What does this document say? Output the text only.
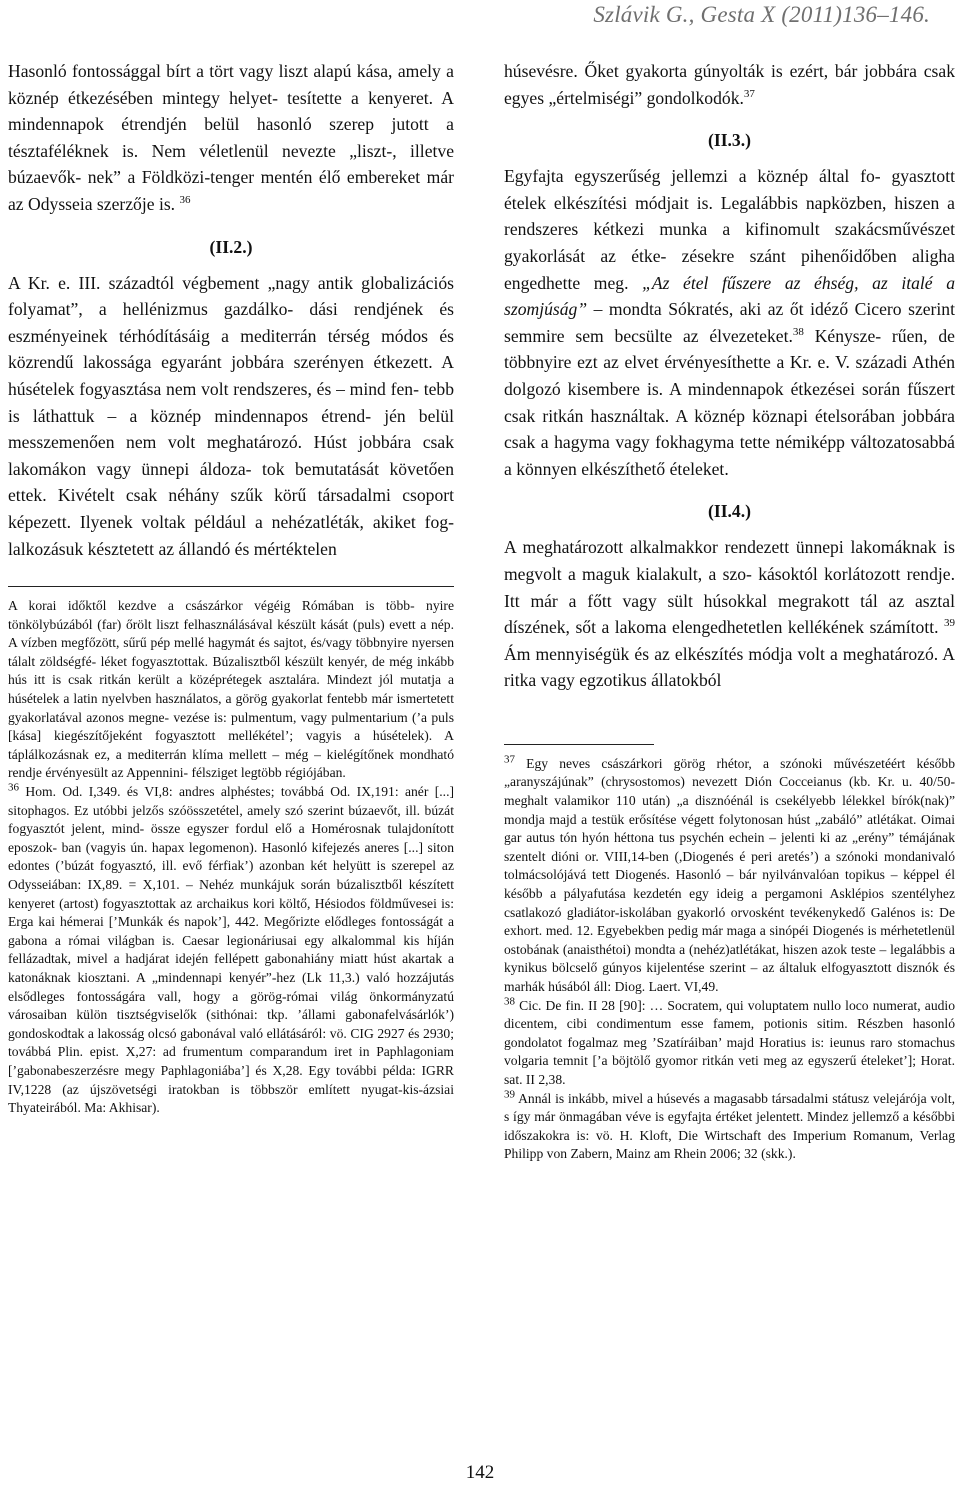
Szlávik G., Gesta X (2011)136–146.

Hasonló fontossággal bírt a tört vagy liszt alapú kása, amely a köznép étkezésében mintegy helyet- tesítette a kenyeret. A mindennapok étrendjén belül hasonló szerep jutott a tésztaféléknek is. Nem véletlenül nevezte „liszt-, illetve búzaevők- nek” a Földközi-tenger mentén élő embereket már az Odysseia szerzője is. $^{36}$

(II.2.)

A Kr. e. III. századtól végbement „nagy antik globalizációs folyamat”, a hellénizmus gazdálko- dási rendjének és eszményeinek térhódításáig a mediterrán térség módos és közrendű lakossága egyaránt jobbára szerényen étkezett. A húsételek fogyasztása nem volt rendszeres, és – mind fen- tebb is láthattuk – a köznép mindennapos étrend- jén belül messzemenően nem volt meghatározó. Húst jobbára csak lakomákon vagy ünnepi áldoza- tok bemutatását követően ettek. Kivételt csak néhány szűk körű társadalmi csoport képezett. Ilyenek voltak például a nehézatléták, akiket fog- lalkozásuk késztetett az állandó és mértéktelen

A korai időktől kezdve a császárkor végéig Rómában is több- nyire tönkölybúzából (far) őrölt liszt felhasználásával készült kását (puls) evett a nép. A vízben megfőzött, sűrű pép mellé hagymát és sajtot, és/vagy többnyire nyersen tálalt zöldségfé- léket fogyasztottak. Búzalisztből készült kenyér, de még inkább hús itt is csak ritkán került a középrétegek asztalára. Mindezt jól mutatja a húsételek a latin nyelvben használatos, a görög gyakorlat fentebb már ismertetett gyakorlatával azonos megne- vezése is: pulmentum, vagy pulmentarium (’a puls [kása] kiegészítőjeként fogyasztott mellékétel’; vagyis a húsételek). A táplálkozásnak ez, a mediterrán klíma mellett – még – kielégítőnek mondható rendje érvényesült az Appennini- félsziget legtöbb régiójában.

$^{36}$ Hom. Od. I,349. és VI,8: andres alphéstes; továbbá Od. IX,191: anér [...] sitophagos. Ez utóbbi jelzős szóösszetétel, amely szó szerint búzaevőt, ill. búzát fogyasztót jelent, mind- össze egyszer fordul elő a Homérosnak tulajdonított eposzok- ban (vagyis ún. hapax legomenon). Hasonló kifejezés aneres [...] siton edontes (’búzát fogyasztó, ill. evő férfiak’) azonban két helyütt is szerepel az Odysseiában: IX,89. = X,101. – Nehéz munkájuk során búzalisztből készített kenyeret (artost) fogyasztottak az archaikus kori költő, Hésiodos földművesei is: Erga kai hémerai [’Munkák és napok’], 442. Megőrizte elődleges fontosságát a gabona a római világban is. Caesar legionáriusai egy alkalommal kis híján fellázadtak, mivel a hadjárat idején fellépett gabonahiány miatt húst akartak a katonáknak kiosztani. A „mindennapi kenyér”-hez (Lk 11,3.) való hozzájutás elsődleges fontosságára vall, hogy a görög-római világ önkormányzatú városaiban külön tisztségviselők (sithónai: tkp. ’állami gabonafelvásárlók’) gondoskodtak a lakosság olcsó gabonával való ellátásáról: vö. CIG 2927 és 2930; továbbá Plin. epist. X,27: ad frumentum comparandum iret in Paphlagoniam [’gabonabeszerzésre megy Paphlagoniába’] és X,28. Egy további példa: IGRR IV,1228 (az újszövetségi iratokban is többször említett nyugat-kis-ázsiai Thyateirából. Ma: Akhisar).

húsevésre. Őket gyakorta gúnyolták is ezért, bár jobbára csak egyes „értelmiségi” gondolkodók.$^{37}$

(II.3.)

Egyfajta egyszerűség jellemzi a köznép által fo- gyasztott ételek elkészítési módjait is. Legalábbis napközben, hiszen a rendszeres kétkezi munka a kifinomult szakácsművészet gyakorlását az étke- zésekre szánt pihenőidőben aligha engedhette meg. „Az étel fűszere az éhség, az italé a szomjúság” – mondta Sókratés, aki az őt idéző Cicero szerint semmire sem becsülte az élvezeteket.$^{38}$ Kénysze- rűen, de többnyire ezt az elvet érvényesíthette a Kr. e. V. századi Athén dolgozó kisembere is. A mindennapok étkezései során fűszert csak ritkán használtak. A köznép köznapi ételsorában jobbára csak a hagyma vagy fokhagyma tette némiképp változatosabbá a könnyen elkészíthető ételeket.

(II.4.)

A meghatározott alkalmakkor rendezett ünnepi lakomáknak is megvolt a maguk kialakult, a szo- kásoktól korlátozott rendje. Itt már a főtt vagy sült húsokkal megrakott tál az asztal díszének, sőt a lakoma elengedhetetlen kellékének számított. $^{39}$ Ám mennyiségük és az elkészítés módja volt a meghatározó. A ritka vagy egzotikus állatokból

$^{37}$ Egy neves császárkori görög rhétor, a szónoki művészetéért később „aranyszájúnak” (chrysostomos) nevezett Dión Cocceianus (kb. Kr. u. 40/50- meghalt valamikor 110 után) „a disznóénál is csekélyebb lélekkel bírók(nak)” mondja majd a testük erősítése végett folytonosan húst „zabáló” atlétákat. Oimai gar autus tón hyón héttona tus psychén echein – jelenti ki az „erény” témájának szentelt dióni or. VIII,14-ben (,Diogenés é peri aretés’) a szónoki mondanivaló tolmácsolójává tett Diogenés. Hasonló – bár nyilvánvalóan topikus – képpel él később a pályafutása kezdetén egy ideig a pergamoni Asklépios szentélyhez csatlakozó gladiátor-iskolában gyakorló orvosként tevékenykedő Galénos is: De exhort. med. 12. Egyebekben pedig már maga a sinópéi Diogenés is mérhetetlenül ostobának (anaisthétoi) mondta a (nehéz)atlétákat, hiszen azok teste – legalábbis a kynikus bölcselő gúnyos kijelentése szerint – az általuk elfogyasztott disznók és marhák húsából áll: Diog. Laert. VI,49.

$^{38}$ Cic. De fin. II 28 [90]: … Socratem, qui voluptatem nullo loco numerat, audio dicentem, cibi condimentum esse famem, potionis sitim. Részben hasonló gondolatot fogalmaz meg ’Szatíráiban’ majd Horatius is: ieunus raro stomachus volgaria temnit [’a böjtölő gyomor ritkán veti meg az egyszerű ételeket’]; Horat. sat. II 2,38.

$^{39}$ Annál is inkább, mivel a húsevés a magasabb társadalmi státusz velejárója volt, s így már önmagában véve is egyfajta értéket jelentett. Mindez jellemző a későbbi időszakokra is: vö. H. Kloft, Die Wirtschaft des Imperium Romanum, Verlag Philipp von Zabern, Mainz am Rhein 2006; 32 (skk.).

142
